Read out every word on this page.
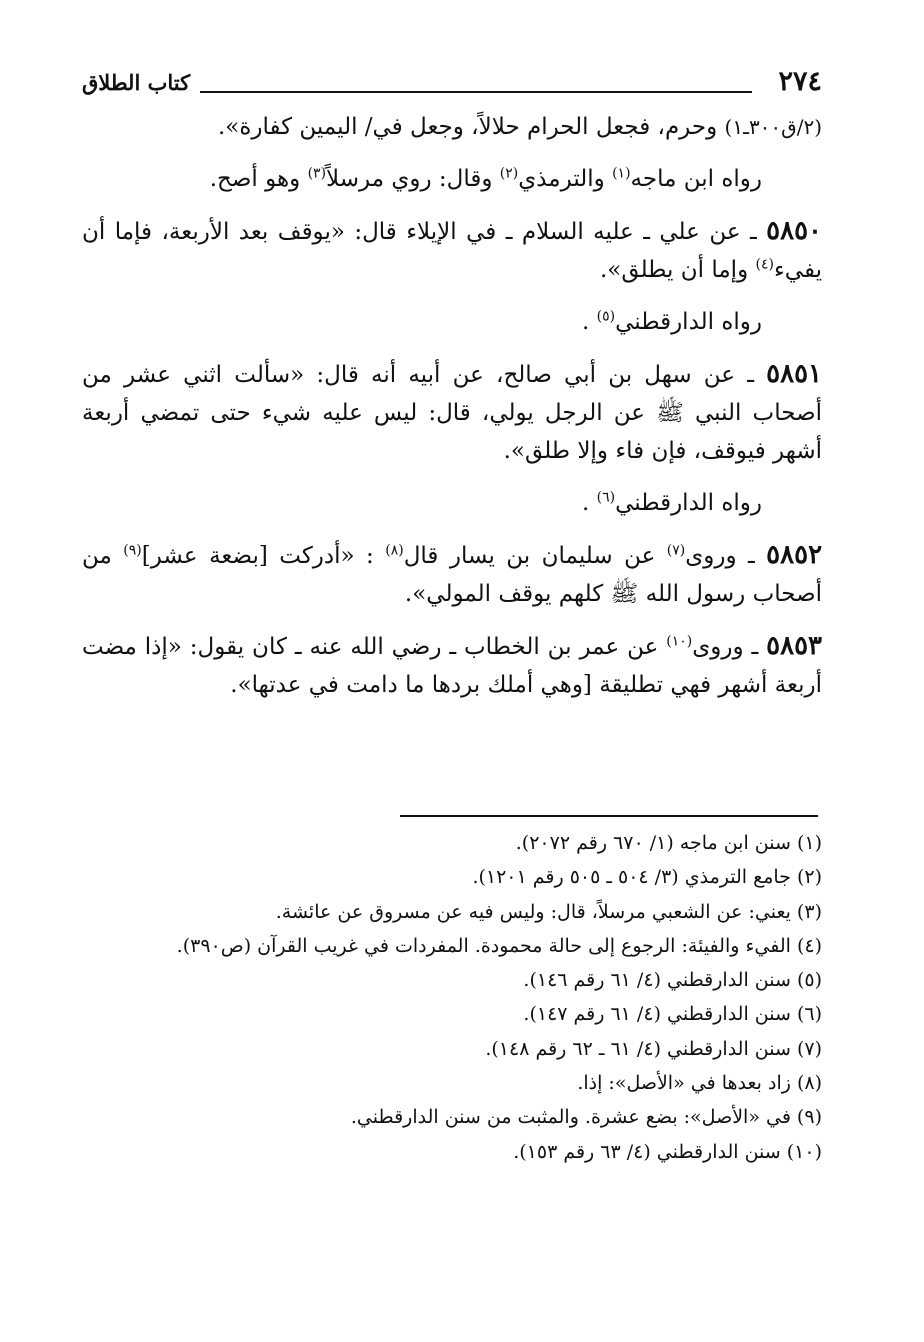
٢٧٤
كتاب الطلاق

(٢/ق٣٠٠ـ١) وحرم، فجعل الحرام حلالاً، وجعل في/ اليمين كفارة».

رواه ابن ماجه$^{(١)}$ والترمذي$^{(٢)}$ وقال: روي مرسلاً$^{(٣)}$ وهو أصح.

٥٨٥٠ ـ عن علي ـ عليه السلام ـ في الإيلاء قال: «يوقف بعد الأربعة، فإما أن يفيء$^{(٤)}$ وإما أن يطلق».

رواه الدارقطني$^{(٥)}$ .

٥٨٥١ ـ عن سهل بن أبي صالح، عن أبيه أنه قال: «سألت اثني عشر من أصحاب النبي ﷺ عن الرجل يولي، قال: ليس عليه شيء حتى تمضي أربعة أشهر فيوقف، فإن فاء وإلا طلق».

رواه الدارقطني$^{(٦)}$ .

٥٨٥٢ ـ وروى$^{(٧)}$ عن سليمان بن يسار قال$^{(٨)}$ : «أدركت [بضعة عشر]$^{(٩)}$ من أصحاب رسول الله ﷺ كلهم يوقف المولي».

٥٨٥٣ ـ وروى$^{(١٠)}$ عن عمر بن الخطاب ـ رضي الله عنه ـ كان يقول: «إذا مضت أربعة أشهر فهي تطليقة [وهي أملك بردها ما دامت في عدتها».

(١) سنن ابن ماجه (١/ ٦٧٠ رقم ٢٠٧٢).

(٢) جامع الترمذي (٣/ ٥٠٤ ـ ٥٠٥ رقم ١٢٠١).

(٣) يعني: عن الشعبي مرسلاً، قال: وليس فيه عن مسروق عن عائشة.

(٤) الفيء والفيئة: الرجوع إلى حالة محمودة. المفردات في غريب القرآن (ص٣٩٠).

(٥) سنن الدارقطني (٤/ ٦١ رقم ١٤٦).

(٦) سنن الدارقطني (٤/ ٦١ رقم ١٤٧).

(٧) سنن الدارقطني (٤/ ٦١ ـ ٦٢ رقم ١٤٨).

(٨) زاد بعدها في «الأصل»: إذا.

(٩) في «الأصل»: بضع عشرة. والمثبت من سنن الدارقطني.

(١٠) سنن الدارقطني (٤/ ٦٣ رقم ١٥٣).
